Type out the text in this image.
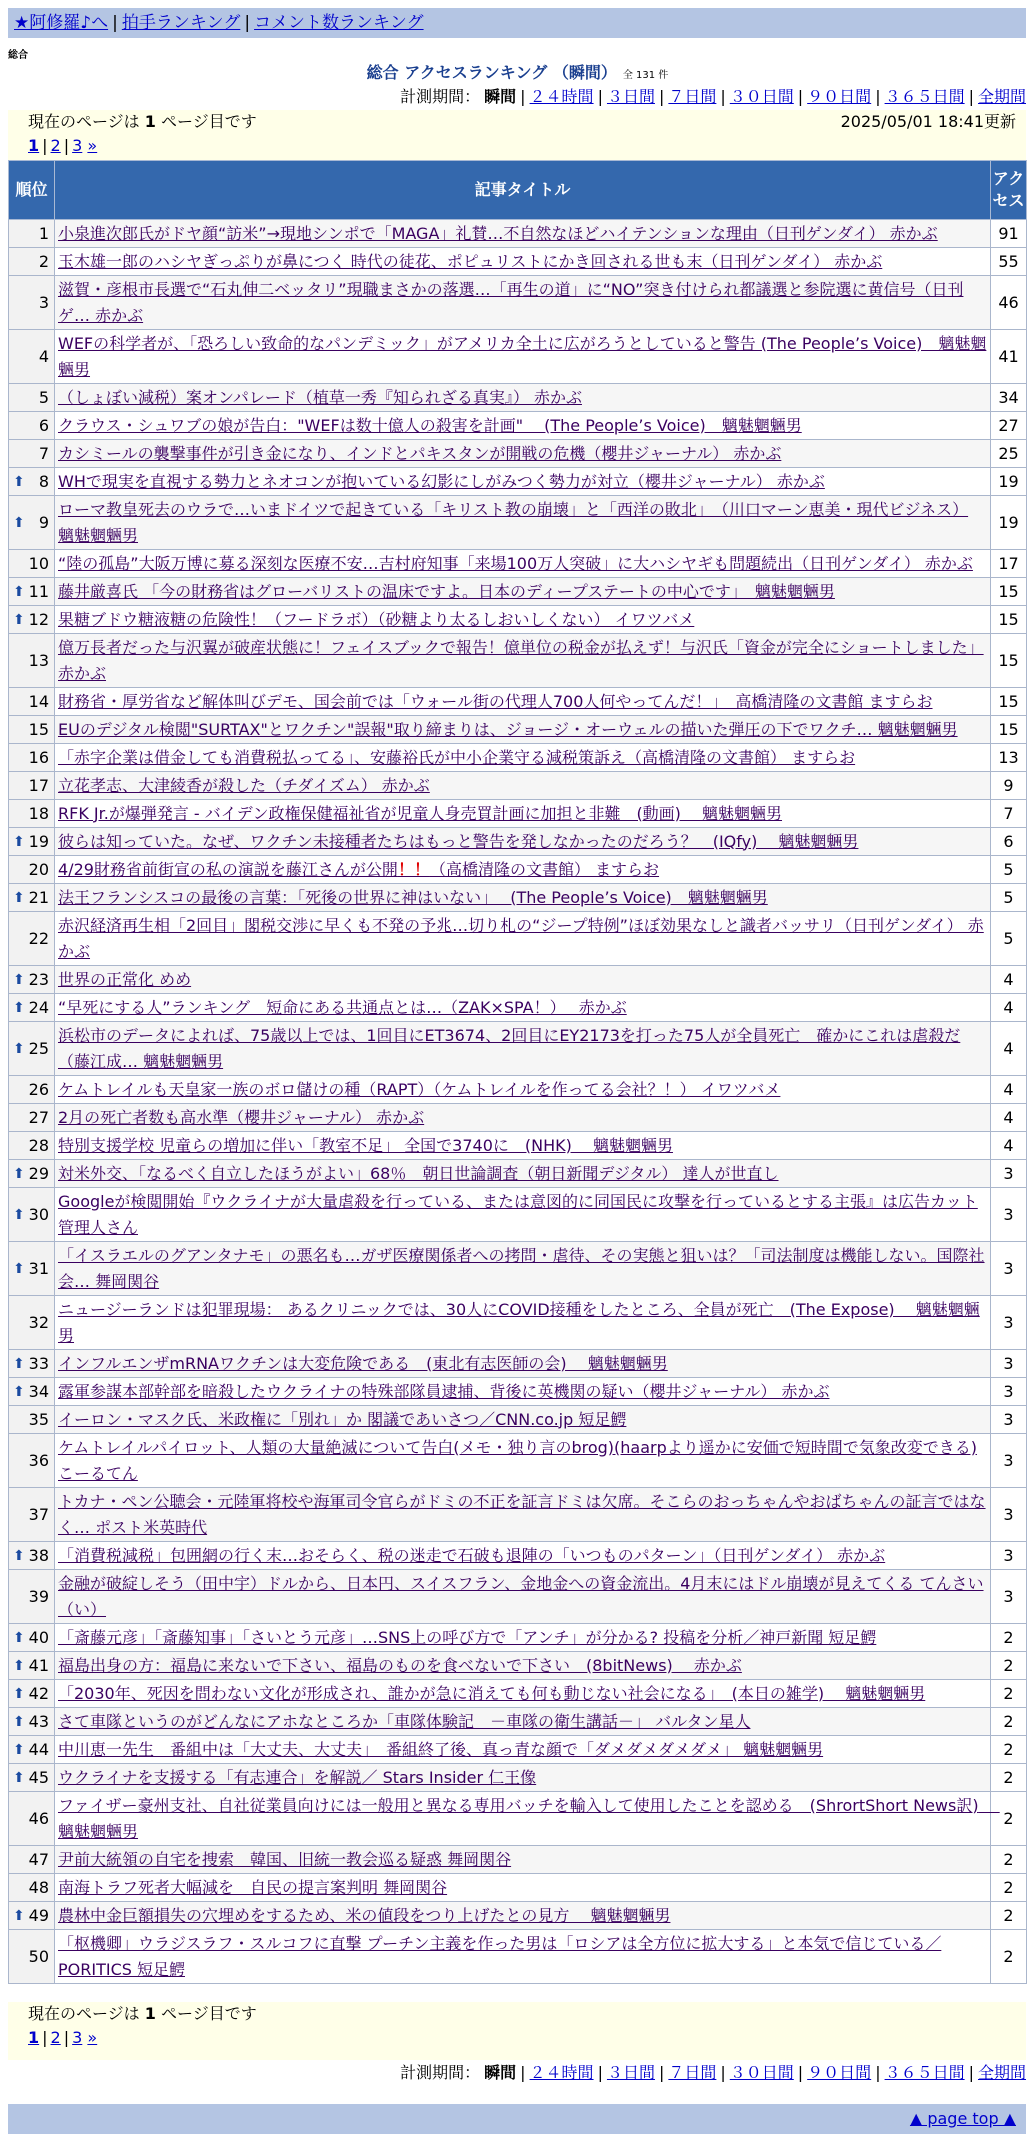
★阿修羅♪へ | 拍手ランキング | コメント数ランキング
総合
総合 アクセスランキング （瞬間） 全 131 件
計測期間： 瞬間 | ２４時間 | ３日間 | ７日間 | ３０日間 | ９０日間 | ３６５日間 | 全期間
現在のページは 1 ページ目です	2025/05/01 18:41更新
1 | 2 | 3 »
順位	記事タイトル	アクセス
1	小泉進次郎氏がドヤ顔“訪米”→現地シンポで「MAGA」礼賛…不自然なほどハイテンションな理由（日刊ゲンダイ） 赤かぶ	91
2	玉木雄一郎のハシヤぎっぷりが鼻につく 時代の徒花、ポピュリストにかき回される世も末（日刊ゲンダイ） 赤かぶ	55
3	滋賀・彦根市長選で“石丸伸二ベッタリ”現職まさかの落選…「再生の道」に“NO”突き付けられ都議選と参院選に黄信号（日刊ゲ… 赤かぶ	46
4	WEFの科学者が、「恐ろしい致命的なパンデミック」がアメリカ全土に広がろうとしていると警告 (The People’s Voice)　魑魅魍魎男	41
5	（しょぼい減税）案オンパレード（植草一秀『知られざる真実』） 赤かぶ	34
6	クラウス・シュワブの娘が告白："WEFは数十億人の殺害を計画"　 (The People’s Voice)　魑魅魍魎男	27
7	カシミールの襲撃事件が引き金になり、インドとパキスタンが開戦の危機（櫻井ジャーナル） 赤かぶ	25

⬆ 8	WHで現実を直視する勢力とネオコンが抱いている幻影にしがみつく勢力が対立（櫻井ジャーナル） 赤かぶ	19

⬆ 9	ローマ教皇死去のウラで…いまドイツで起きている「キリスト教の崩壊」と「西洋の敗北」　（川口マーン恵美・現代ビジネス） 魑魅魍魎男	19
10	“陸の孤島”大阪万博に募る深刻な医療不安…吉村府知事「来場100万人突破」に大ハシヤギも問題続出（日刊ゲンダイ） 赤かぶ	17

⬆ 11	藤井厳喜氏 「今の財務省はグローバリストの温床ですよ。日本のディープステートの中心です」　魑魅魍魎男	15

⬆ 12	果糖ブドウ糖液糖の危険性！（フードラボ）（砂糖より太るしおいしくない） イワツバメ	15
13	億万長者だった与沢翼が破産状態に！フェイスブックで報告！億単位の税金が払えず！与沢氏「資金が完全にショートしました」 赤かぶ	15
14	財務省・厚労省など解体叫びデモ、国会前では「ウォール街の代理人700人何やってんだ！」　高橋清隆の文書館 ますらお	15
15	EUのデジタル検閲"SURTAX"とワクチン"誤報"取り締まりは、ジョージ・オーウェルの描いた弾圧の下でワクチ… 魑魅魍魎男	15
16	「赤字企業は借金しても消費税払ってる」、安藤裕氏が中小企業守る減税策訴え（高橋清隆の文書館） ますらお	13
17	立花孝志、大津綾香が殺した（チダイズム） 赤かぶ	9
18	RFK Jr.が爆弾発言 - バイデン政権保健福祉省が児童人身売買計画に加担と非難　(動画)　 魑魅魍魎男	7

⬆ 19	彼らは知っていた。なぜ、ワクチン未接種者たちはもっと警告を発しなかったのだろう？　(IQfy)　 魑魅魍魎男	6
20	4/29財務省前街宣の私の演説を藤江さんが公開！！（高橋清隆の文書館） ますらお	5

⬆ 21	法王フランシスコの最後の言葉：「死後の世界に神はいない」　 (The People’s Voice)　魑魅魍魎男	5
22	赤沢経済再生相「2回目」閣税交渉に早くも不発の予兆…切り札の“ジープ特例”ほぼ効果なしと識者バッサリ（日刊ゲンダイ） 赤かぶ	5

⬆ 23	世界の正常化 めめ	4

⬆ 24	“早死にする人”ランキング　短命にある共通点とは…（ZAK×SPA！）　 赤かぶ	4

⬆ 25	浜松市のデータによれば、75歳以上では、1回目にET3674、2回目にEY2173を打った75人が全員死亡　確かにこれは虐殺だ（藤江成… 魑魅魍魎男	4
26	ケムトレイルも天皇家一族のボロ儲けの種（RAPT）（ケムトレイルを作ってる会社？！） イワツバメ	4
27	2月の死亡者数も高水準（櫻井ジャーナル） 赤かぶ	4
28	特別支援学校 児童らの増加に伴い「教室不足」 全国で3740に　(NHK)　 魑魅魍魎男	4

⬆ 29	対米外交、「なるべく自立したほうがよい」68％　朝日世論調査（朝日新聞デジタル） 達人が世直し	3

⬆ 30	Googleが検閲開始『ウクライナが大量虐殺を行っている、または意図的に同国民に攻撃を行っているとする主張』は広告カット 管理人さん	3

⬆ 31	「イスラエルのグアンタナモ」の悪名も…ガザ医療関係者への拷問・虐待、その実態と狙いは？「司法制度は機能しない。国際社会… 舞岡関谷	3
32	ニュージーランドは犯罪現場： あるクリニックでは、30人にCOVID接種をしたところ、全員が死亡　(The Expose)　 魑魅魍魎男	3

⬆ 33	インフルエンザmRNAワクチンは大変危険である　(東北有志医師の会)　 魑魅魍魎男	3

⬆ 34	露軍参謀本部幹部を暗殺したウクライナの特殊部隊員逮捕、背後に英機関の疑い（櫻井ジャーナル） 赤かぶ	3
35	イーロン・マスク氏、米政権に「別れ」か 閣議であいさつ／CNN.co.jp 短足鰐	3
36	ケムトレイルパイロット、人類の大量絶滅について告白(メモ・独り言のbrog)(haarpより遥かに安価で短時間で気象改変できる) こーるてん	3
37	トカナ・ペン公聴会・元陸軍将校や海軍司令官らがドミの不正を証言ドミは欠席。そこらのおっちゃんやおばちゃんの証言ではなく… ポスト米英時代	3

⬆ 38	「消費税減税」包囲網の行く末…おそらく、税の迷走で石破も退陣の「いつものパターン」（日刊ゲンダイ） 赤かぶ	3
39	金融が破綻しそう（田中宇）ドルから、日本円、スイスフラン、金地金への資金流出。4月末にはドル崩壊が見えてくる てんさい（い）	3

⬆ 40	「斎藤元彦」「斎藤知事」「さいとう元彦」…SNS上の呼び方で「アンチ」が分かる? 投稿を分析／神戸新聞 短足鰐	2

⬆ 41	福島出身の方：福島に来ないで下さい、福島のものを食べないで下さい　(8bitNews)　 赤かぶ	2

⬆ 42	「2030年、死因を問わない文化が形成され、誰かが急に消えても何も動じない社会になる」　(本日の雑学)　 魑魅魍魎男	2

⬆ 43	さて車隊というのがどんなにアホなところか「車隊体験記　－車隊の衛生講話－」 バルタン星人	2

⬆ 44	中川恵一先生　番組中は「大丈夫、大丈夫」　番組終了後、真っ青な顔で「ダメダメダメダメ」 魑魅魍魎男	2

⬆ 45	ウクライナを支援する「有志連合」を解説／ Stars Insider 仁王像	2
46	ファイザー豪州支社、自社従業員向けには一般用と異なる専用バッチを輸入して使用したことを認める　(ShrortShort News訳)　 魑魅魍魎男	2
47	尹前大統領の自宅を捜索　韓国、旧統一教会巡る疑惑 舞岡関谷	2
48	南海トラフ死者大幅減を　自民の提言案判明 舞岡関谷	2

⬆ 49	農林中金巨額損失の穴埋めをするため、米の値段をつり上げたとの見方　 魑魅魍魎男	2
50	「枢機卿」ウラジスラフ・スルコフに直撃 プーチン主義を作った男は「ロシアは全方位に拡大する」と本気で信じている／PORITICS 短足鰐	2
現在のページは 1 ページ目です
1 | 2 | 3 »
計測期間： 瞬間 | ２４時間 | ３日間 | ７日間 | ３０日間 | ９０日間 | ３６５日間 | 全期間
▲ page top ▲
